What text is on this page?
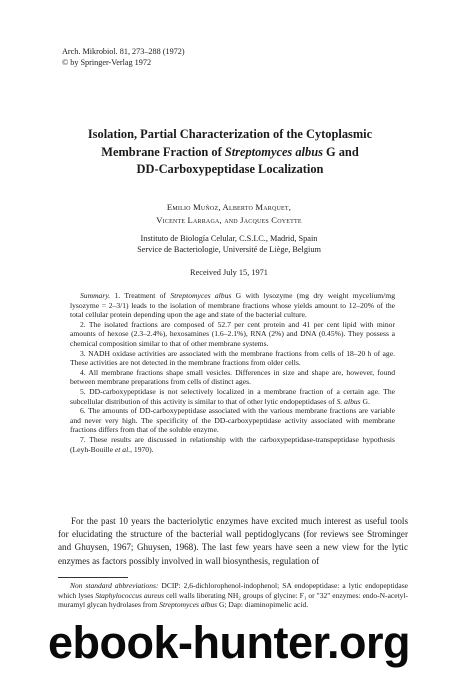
Arch. Mikrobiol. 81, 273–288 (1972)
© by Springer-Verlag 1972
Isolation, Partial Characterization of the Cytoplasmic
Membrane Fraction of Streptomyces albus G and
DD-Carboxypeptidase Localization
Emilio Muñoz, Alberto Marquet,
Vicente Larraga, and Jacques Coyette
Instituto de Biología Celular, C.S.I.C., Madrid, Spain
Service de Bacteriologie, Université de Liège, Belgium
Received July 15, 1971

Summary. 1. Treatment of Streptomyces albus G with lysozyme (mg dry weight mycelium/mg lysozyme = 2–3/1) leads to the isolation of membrane fractions whose yields amount to 12–20% of the total cellular protein depending upon the age and state of the bacterial culture.

2. The isolated fractions are composed of 52.7 per cent protein and 41 per cent lipid with minor amounts of hexose (2.3–2.4%), hexosamines (1.6–2.1%), RNA (2%) and DNA (0.45%). They possess a chemical composition similar to that of other membrane systems.

3. NADH oxidase activities are associated with the membrane fractions from cells of 18–20 h of age. These activities are not detected in the membrane fractions from older cells.

4. All membrane fractions shape small vesicles. Differences in size and shape are, however, found between membrane preparations from cells of distinct ages.

5. DD-carboxypeptidase is not selectively localized in a membrane fraction of a certain age. The subcellular distribution of this activity is similar to that of other lytic endopeptidases of S. albus G.

6. The amounts of DD-carboxypeptidase associated with the various membrane fractions are variable and never very high. The specificity of the DD-carboxypeptidase activity associated with membrane fractions differs from that of the soluble enzyme.

7. These results are discussed in relationship with the carboxypeptidase-transpeptidase hypothesis (Leyh-Bouille et al., 1970).

For the past 10 years the bacteriolytic enzymes have excited much interest as useful tools for elucidating the structure of the bacterial wall peptidoglycans (for reviews see Strominger and Ghuysen, 1967; Ghuysen, 1968). The last few years have seen a new view for the lytic enzymes as factors possibly involved in wall biosynthesis, regulation of

Non standard abbreviations: DCIP: 2,6-dichlorophenol-indophenol; SA endopeptidase: a lytic endopeptidase which lyses Staphylococcus aureus cell walls liberating NH₂ groups of glycine: F₁ or "32" enzymes: endo-N-acetyl-muramyl glycan hydrolases from Streptomyces albus G; Dap: diaminopimelic acid.

ebook-hunter.org
